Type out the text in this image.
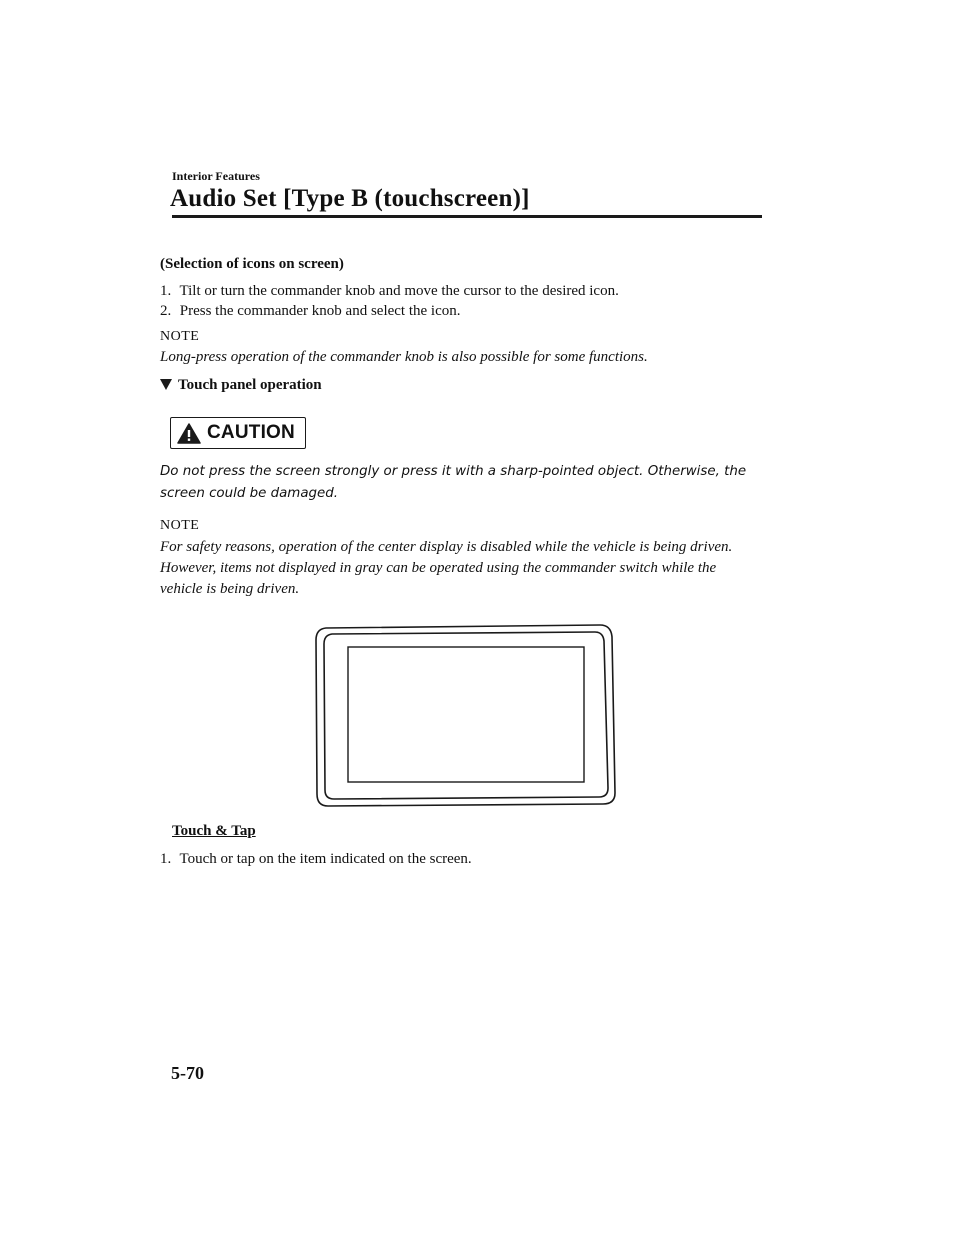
Interior Features
Audio Set [Type B (touchscreen)]
(Selection of icons on screen)
1. Tilt or turn the commander knob and move the cursor to the desired icon.
2. Press the commander knob and select the icon.
NOTE
Long-press operation of the commander knob is also possible for some functions.
Touch panel operation
CAUTION
Do not press the screen strongly or press it with a sharp-pointed object. Otherwise, the screen could be damaged.
NOTE
For safety reasons, operation of the center display is disabled while the vehicle is being driven. However, items not displayed in gray can be operated using the commander switch while the vehicle is being driven.
Touch & Tap
1. Touch or tap on the item indicated on the screen.
5-70
